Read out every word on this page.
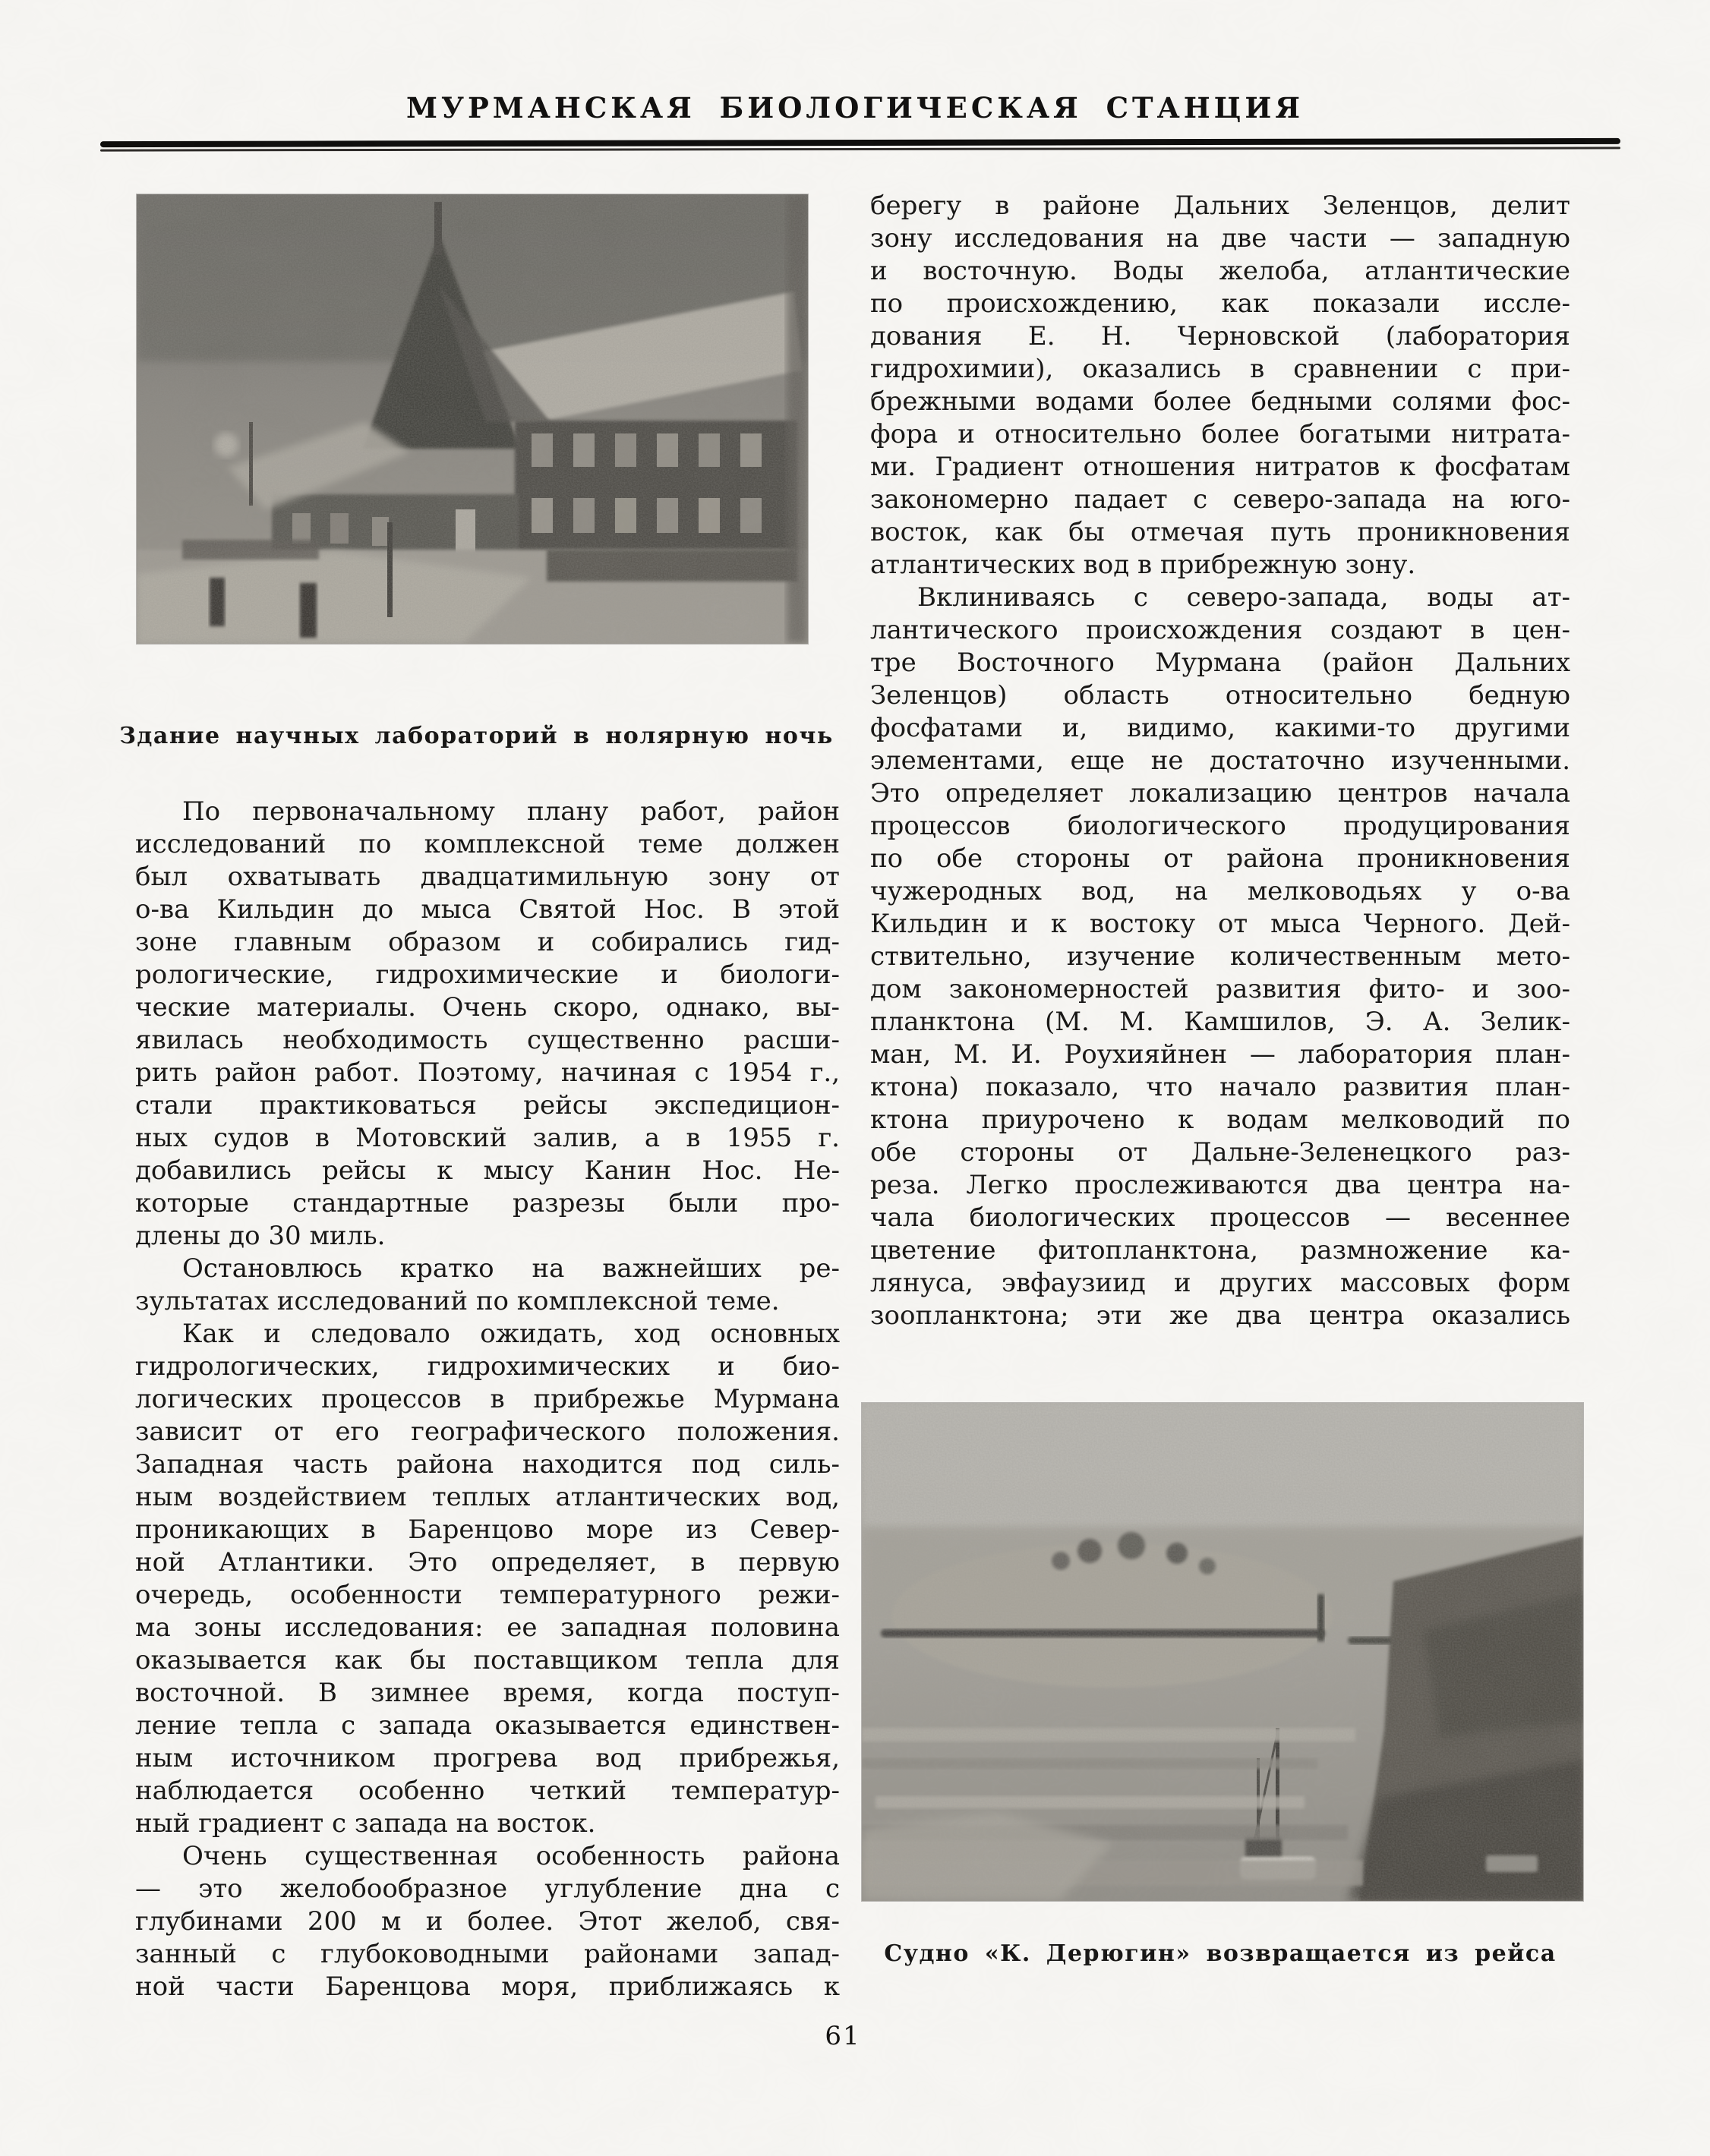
МУРМАНСКАЯ БИОЛОГИЧЕСКАЯ СТАНЦИЯ
Здание научных лабораторий в нолярную ночь
По первоначальному плану работ, район
исследований по комплексной теме должен
был охватывать двадцатимильную зону от
о-ва Кильдин до мыса Святой Нос. В этой
зоне главным образом и собирались гид-
рологические, гидрохимические и биологи-
ческие материалы. Очень скоро, однако, вы-
явилась необходимость существенно расши-
рить район работ. Поэтому, начиная с 1954 г.,
стали практиковаться рейсы экспедицион-
ных судов в Мотовский залив, а в 1955 г.
добавились рейсы к мысу Канин Нос. Не-
которые стандартные разрезы были про-
длены до 30 миль.
Остановлюсь кратко на важнейших ре-
зультатах исследований по комплексной теме.
Как и следовало ожидать, ход основных
гидрологических, гидрохимических и био-
логических процессов в прибрежье Мурмана
зависит от его географического положения.
Западная часть района находится под силь-
ным воздействием теплых атлантических вод,
проникающих в Баренцово море из Север-
ной Атлантики. Это определяет, в первую
очередь, особенности температурного режи-
ма зоны исследования: ее западная половина
оказывается как бы поставщиком тепла для
восточной. В зимнее время, когда поступ-
ление тепла с запада оказывается единствен-
ным источником прогрева вод прибрежья,
наблюдается особенно четкий температур-
ный градиент с запада на восток.
Очень существенная особенность района
— это желобообразное углубление дна с
глубинами 200 м и более. Этот желоб, свя-
занный с глубоководными районами запад-
ной части Баренцова моря, приближаясь к
берегу в районе Дальних Зеленцов, делит
зону исследования на две части — западную
и восточную. Воды желоба, атлантические
по происхождению, как показали иссле-
дования Е. Н. Черновской (лаборатория
гидрохимии), оказались в сравнении с при-
брежными водами более бедными солями фос-
фора и относительно более богатыми нитрата-
ми. Градиент отношения нитратов к фосфатам
закономерно падает с северо-запада на юго-
восток, как бы отмечая путь проникновения
атлантических вод в прибрежную зону.
Вклиниваясь с северо-запада, воды ат-
лантического происхождения создают в цен-
тре Восточного Мурмана (район Дальних
Зеленцов) область относительно бедную
фосфатами и, видимо, какими-то другими
элементами, еще не достаточно изученными.
Это определяет локализацию центров начала
процессов биологического продуцирования
по обе стороны от района проникновения
чужеродных вод, на мелководьях у о-ва
Кильдин и к востоку от мыса Черного. Дей-
ствительно, изучение количественным мето-
дом закономерностей развития фито- и зоо-
планктона (М. М. Камшилов, Э. А. Зелик-
ман, М. И. Роухияйнен — лаборатория план-
ктона) показало, что начало развития план-
ктона приурочено к водам мелководий по
обе стороны от Дальне-Зеленецкого раз-
реза. Легко прослеживаются два центра на-
чала биологических процессов — весеннее
цветение фитопланктона, размножение ка-
лянуса, эвфаузиид и других массовых форм
зоопланктона; эти же два центра оказались
Судно «К. Дерюгин» возвращается из рейса
61
